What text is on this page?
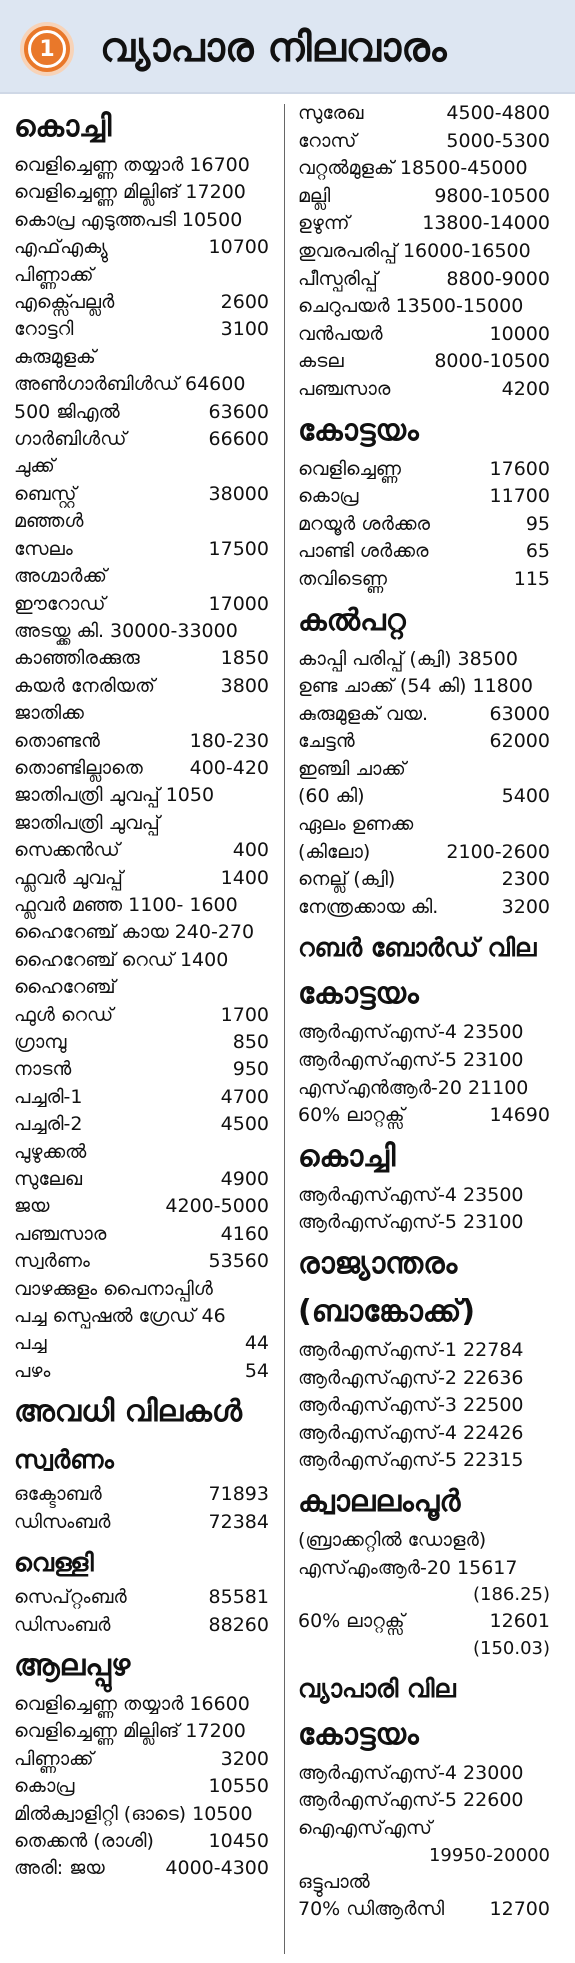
1 വ്യാപാര നിലവാരം
കൊച്ചി
വെളിച്ചെണ്ണ തയ്യാർ 16700
വെളിച്ചെണ്ണ മില്ലിങ് 17200
കൊപ്ര എടുത്തപടി 10500
എഫ്എക്യു	10700
പിണ്ണാക്ക്
എക്സ്പെല്ലർ	2600
റോട്ടറി	3100
കുരുമുളക്
അൺഗാർബിൾഡ് 64600
500 ജിഎൽ	63600
ഗാർബിൾഡ്	66600
ചുക്ക്
ബെസ്റ്റ്	38000
മഞ്ഞൾ
സേലം	17500
അഗ്മാർക്ക്
ഈറോഡ്	17000
അടയ്ക്ക കി. 30000-33000
കാഞ്ഞിരക്കുരു	1850
കയർ നേരിയത്	3800
ജാതിക്ക
തൊണ്ടൻ	180-230
തൊണ്ടില്ലാതെ 400-420
ജാതിപത്രി ചുവപ്പ് 1050
ജാതിപത്രി ചുവപ്പ്
സെക്കൻഡ്	400
ഫ്ലവർ ചുവപ്പ്	1400
ഫ്ലവർ മഞ്ഞ 1100- 1600
ഹൈറേഞ്ച് കായ 240-270
ഹൈറേഞ്ച് റെഡ് 1400
ഹൈറേഞ്ച്
ഫുൾ റെഡ്	1700
ഗ്രാമ്പു	850
നാടൻ	950
പച്ചരി-1	4700
പച്ചരി-2	4500
പുഴുക്കൽ
സുലേഖ	4900
ജയ	4200-5000
പഞ്ചസാര	4160
സ്വർണം	53560
വാഴക്കുളം പൈനാപ്പിൾ
പച്ച സ്പെഷൽ ഗ്രേഡ് 46
പച്ച	44
പഴം	54
അവധി വിലകൾ
സ്വർണം
ഒക്ടോബർ	71893
ഡിസംബർ	72384
വെള്ളി
സെപ്റ്റംബർ	85581
ഡിസംബർ	88260
ആലപ്പുഴ
വെളിച്ചെണ്ണ തയ്യാർ 16600
വെളിച്ചെണ്ണ മില്ലിങ് 17200
പിണ്ണാക്ക്	3200
കൊപ്ര	10550
മിൽക്വാളിറ്റി (ഓടെ) 10500
തെക്കൻ (രാശി)	10450
അരി: ജയ	4000-4300
സുരേഖ	4500-4800
റോസ്	5000-5300
വറ്റൽമുളക് 18500-45000
മല്ലി	9800-10500
ഉഴുന്ന്	13800-14000
തുവരപരിപ്പ് 16000-16500
പീസ്പരിപ്പ്	8800-9000
ചെറുപയർ 13500-15000
വൻപയർ	10000
കടല	8000-10500
പഞ്ചസാര	4200
കോട്ടയം
വെളിച്ചെണ്ണ	17600
കൊപ്ര	11700
മറയൂർ ശർക്കര	95
പാണ്ടി ശർക്കര	65
തവിടെണ്ണ	115
കൽപറ്റ
കാപ്പി പരിപ്പ് (ക്വി) 38500
ഉണ്ട ചാക്ക് (54 കി) 11800
കുരുമുളക് വയ.	63000
ചേട്ടൻ	62000
ഇഞ്ചി ചാക്ക്
(60 കി)	5400
ഏലം ഉണക്ക
(കിലോ)	2100-2600
നെല്ല് (ക്വി)	2300
നേന്ത്രക്കായ കി.	3200
റബർ ബോർഡ് വില
കോട്ടയം
ആർഎസ്എസ്-4 23500
ആർഎസ്എസ്-5 23100
എസ്എൻആർ-20 21100
60% ലാറ്റക്സ്	14690
കൊച്ചി
ആർഎസ്എസ്-4 23500
ആർഎസ്എസ്-5 23100
രാജ്യാന്തരം
(ബാങ്കോക്ക്)
ആർഎസ്എസ്-1 22784
ആർഎസ്എസ്-2 22636
ആർഎസ്എസ്-3 22500
ആർഎസ്എസ്-4 22426
ആർഎസ്എസ്-5 22315
ക്വാലലംപൂർ
(ബ്രാക്കറ്റിൽ ഡോളർ)
എസ്എംആർ-20 15617
(186.25)
60% ലാറ്റക്സ്	12601
(150.03)
വ്യാപാരി വില
കോട്ടയം
ആർഎസ്എസ്-4 23000
ആർഎസ്എസ്-5 22600
ഐഎസ്എസ്
19950-20000
ഒട്ടുപാൽ
70% ഡിആർസി 12700
